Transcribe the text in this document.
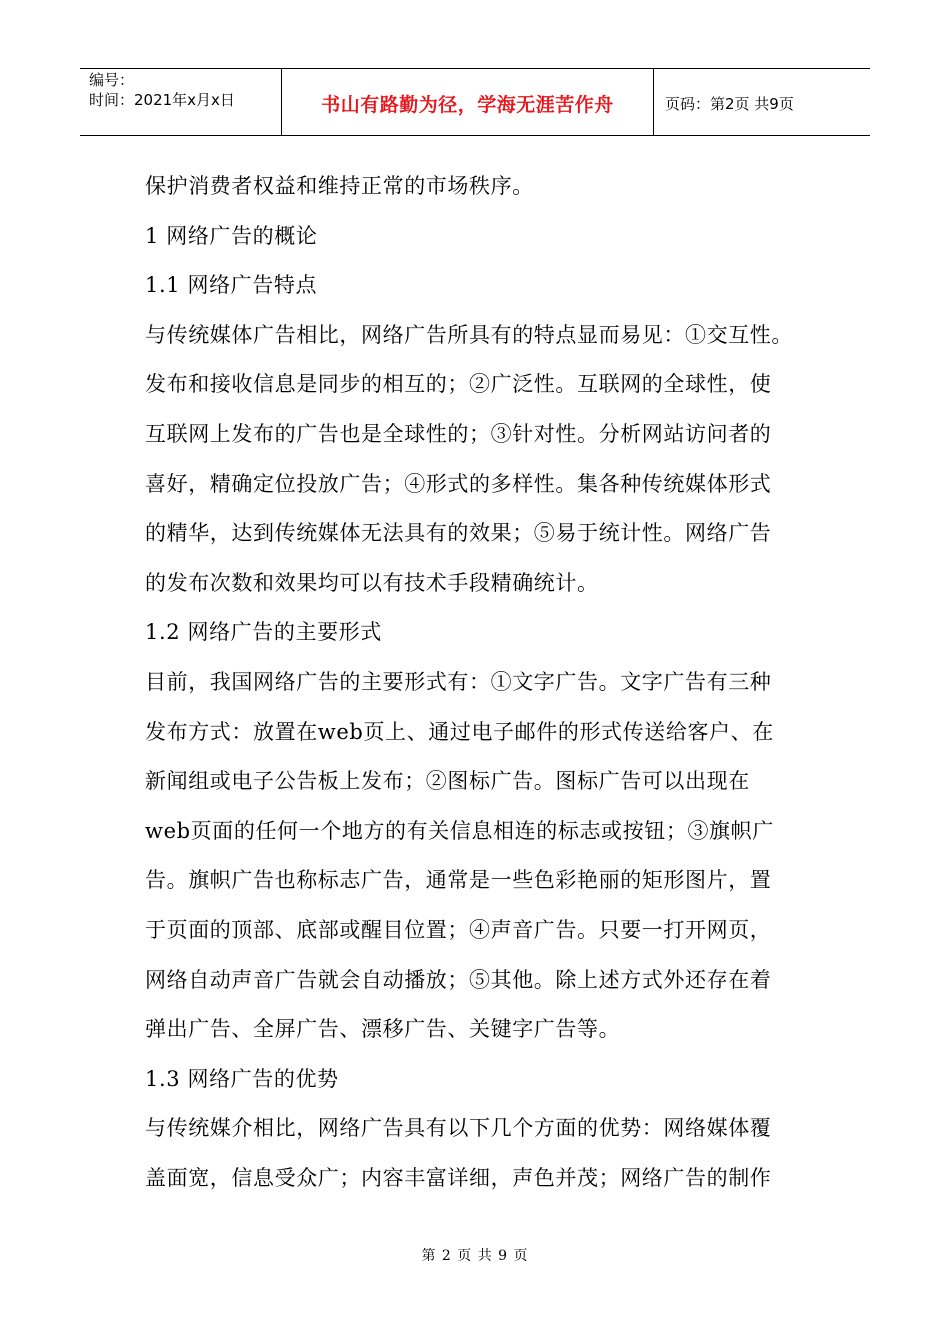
编号：
时间：2021年x月x日	书山有路勤为径，学海无涯苦作舟	页码：第2页 共9页
保护消费者权益和维持正常的市场秩序。
1 网络广告的概论
1.1 网络广告特点
与传统媒体广告相比，网络广告所具有的特点显而易见：①交互性。
发布和接收信息是同步的相互的；②广泛性。互联网的全球性，使
互联网上发布的广告也是全球性的；③针对性。分析网站访问者的
喜好，精确定位投放广告；④形式的多样性。集各种传统媒体形式
的精华，达到传统媒体无法具有的效果；⑤易于统计性。网络广告
的发布次数和效果均可以有技术手段精确统计。
1.2 网络广告的主要形式
目前，我国网络广告的主要形式有：①文字广告。文字广告有三种
发布方式：放置在web页上、通过电子邮件的形式传送给客户、在
新闻组或电子公告板上发布；②图标广告。图标广告可以出现在
web页面的任何一个地方的有关信息相连的标志或按钮；③旗帜广
告。旗帜广告也称标志广告，通常是一些色彩艳丽的矩形图片，置
于页面的顶部、底部或醒目位置；④声音广告。只要一打开网页，
网络自动声音广告就会自动播放；⑤其他。除上述方式外还存在着
弹出广告、全屏广告、漂移广告、关键字广告等。
1.3 网络广告的优势
与传统媒介相比，网络广告具有以下几个方面的优势：网络媒体覆
盖面宽，信息受众广；内容丰富详细，声色并茂；网络广告的制作
第 2 页 共 9 页
